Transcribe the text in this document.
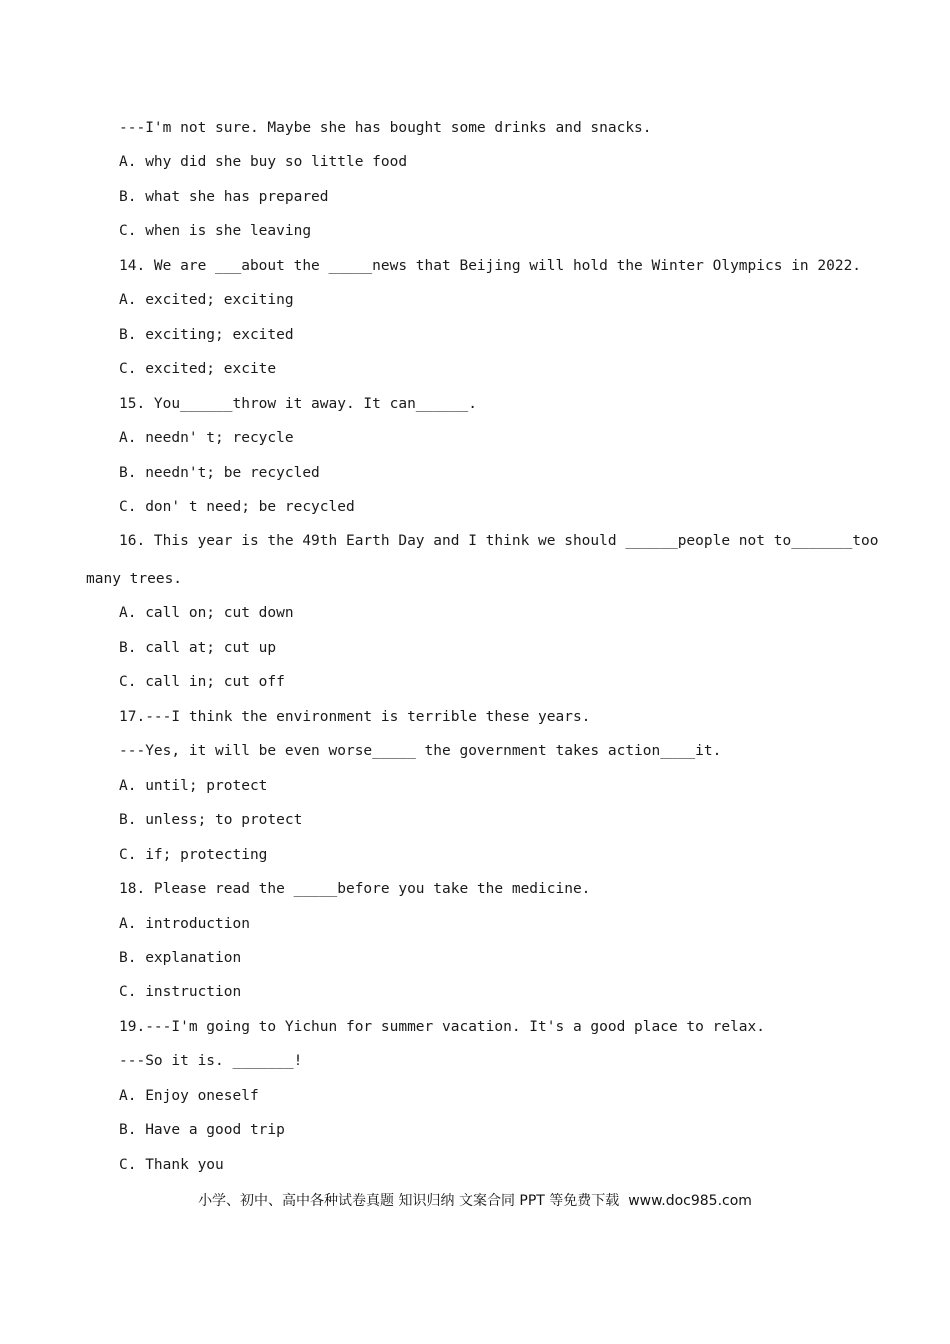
---I'm not sure. Maybe she has bought some drinks and snacks.
A. why did she buy so little food
B. what she has prepared
C. when is she leaving
14. We are ___about the _____news that Beijing will hold the Winter Olympics in 2022.
A. excited; exciting
B. exciting; excited
C. excited; excite
15. You______throw it away. It can______.
A. needn' t; recycle
B. needn't; be recycled
C. don' t need; be recycled
16. This year is the 49th Earth Day and I think we should ______people not to_______too
many trees.
A. call on; cut down
B. call at; cut up
C. call in; cut off
17.---I think the environment is terrible these years.
---Yes, it will be even worse_____ the government takes action____it.
A. until; protect
B. unless; to protect
C. if; protecting
18. Please read the _____before you take the medicine.
A. introduction
B. explanation
C. instruction
19.---I'm going to Yichun for summer vacation. It's a good place to relax.
---So it is. _______!
A. Enjoy oneself
B. Have a good trip
C. Thank you
小学、初中、高中各种试卷真题 知识归纳 文案合同 PPT 等免费下载  www.doc985.com
